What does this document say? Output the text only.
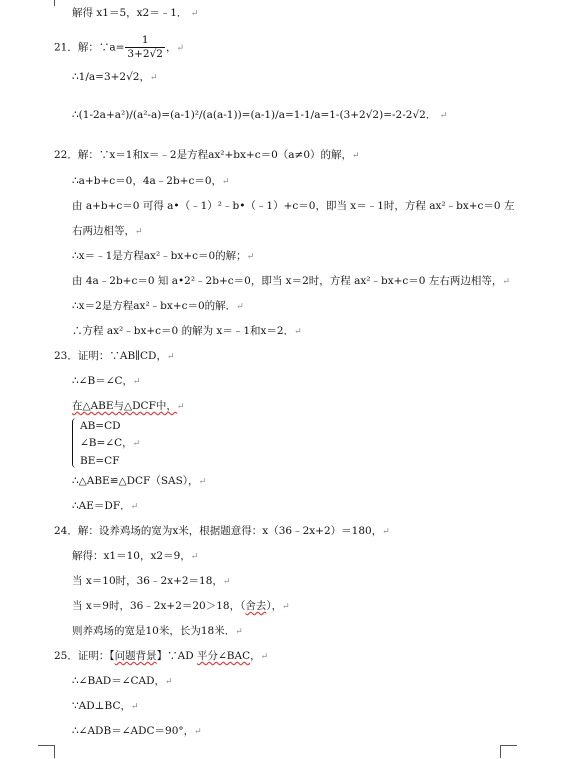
解得 x1＝5，x2＝﹣1． ↵
21．解：∵a= $\frac{1}{3+2√2}$ ，↵
∴1/a=3+2√2，↵
∴(1-2a+a²)/(a²-a)=(a-1)²/(a(a-1))=(a-1)/a=1-1/a=1-(3+2√2)=-2-2√2． ↵
22．解：∵x＝1和x＝﹣2是方程ax²+bx+c＝0（a≠0）的解，↵
∴a+b+c＝0，4a﹣2b+c＝0，↵
由 a+b+c＝0 可得 a•（﹣1）²﹣b•（﹣1）+c＝0，即当 x＝﹣1时，方程 ax²﹣bx+c＝0 左
右两边相等，↵
∴x＝﹣1是方程ax²﹣bx+c＝0的解；↵
由 4a﹣2b+c＝0 知 a•2²﹣2b+c＝0，即当 x＝2时，方程 ax²﹣bx+c＝0 左右两边相等，↵
∴x＝2是方程ax²﹣bx+c＝0的解．↵
∴方程 ax²﹣bx+c＝0 的解为 x＝﹣1和x＝2．↵
23．证明：∵AB∥CD，↵
∴∠B＝∠C，↵
在△ABE与△DCF中，↵
AB=CD
∠B=∠C，↵
BE=CF
∴△ABE≌△DCF（SAS），↵
∴AE＝DF．↵
24．解：设养鸡场的宽为x米，根据题意得：x（36﹣2x+2）＝180，↵
解得：x1＝10，x2＝9，↵
当 x＝10时，36﹣2x+2＝18，↵
当 x＝9时，36﹣2x+2＝20＞18，（舍去），↵
则养鸡场的宽是10米，长为18米．↵
25．证明：【问题背景】∵AD 平分∠BAC，↵
∴∠BAD＝∠CAD，↵
∵AD⊥BC，↵
∴∠ADB＝∠ADC＝90°，↵
